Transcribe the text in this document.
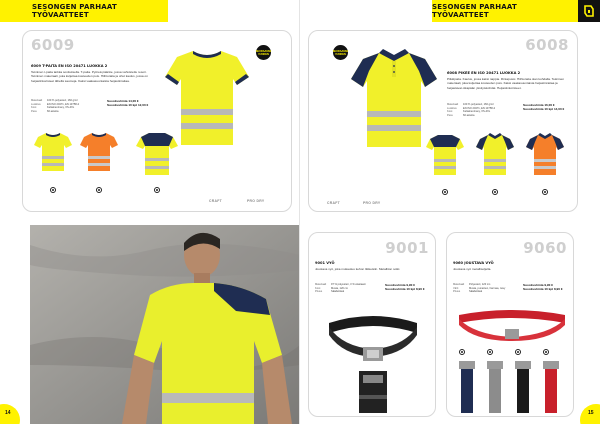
SESONGEN PARHAAT TYÖVAATTEET
6009
6009 T-PAITA EN ISO 20471 LUOKKA 2
Tekninen t-paita tarkka sovituksella. T-paita. Pyöreä pääntie, jossa vahvistettu resori. Tekninen materiaali, joka kuljettaa kosteuden pois. Hiihtoraita ja ohut kaulus, jossa on heijastinkoristeet lähellä saumoja. Kaksi vaakasuuntaista heijastinraitaa.
Materiaali	100 % polyesteri, 160 g/m²
Luokitus	EN ISO 20471, EN 13758-2
Koot	Keltainen/navy, XS-4XL
Pesu	60 astetta
Suositushinta 14,00 €
Suositushinta 10 kpl 12,00 €
SEURAAVAN VUODEN
CRAFT	PRO DRY
14
SESONGEN PARHAAT TYÖVAATTEET
SEURAAVAN VUODEN	6008
6008 PIKEE EN ISO 20471 LUOKKA 2
Piikkipaita. Kaulus, jossa kaksi nappia. Rintapussi. Hiihtoraita olan kohdalla. Tekninen materiaali, joka kuljettaa kosteuden pois. Kaksi vaakasuuntaista heijastinraitaa ja heijastavat olkapään yksityiskohdat. Heijastinkoristeet.
Materiaali	100 % polyesteri, 160 g/m²
Luokitus	EN ISO 20471, EN 13758-2
Koot	Keltainen/navy, XS-4XL
Pesu	60 astetta
Suositushinta 16,00 €
Suositushinta 10 kpl 14,00 €
CRAFT	PRO DRY
9001
9001 VYÖ
Joustava vyö, joka mukautuu kehon liikkeisiin. Metalliton solki.
Materiaali	97 % polyesteri, 3 % elastaani
Koot	Musta, 120 cm
Pituus	Säädettävä
Suositushinta 9,90 €
Suositushinta 10 kpl 8,90 €
9060
9060 JOUSTAVA VYÖ
Joustava vyö metallisoljella.
Materiaali	Polyesteri, 120 cm
Värit	Musta, punainen, harmaa, navy
Pituus	Säädettävä
Suositushinta 9,90 €
Suositushinta 10 kpl 8,90 €
15
